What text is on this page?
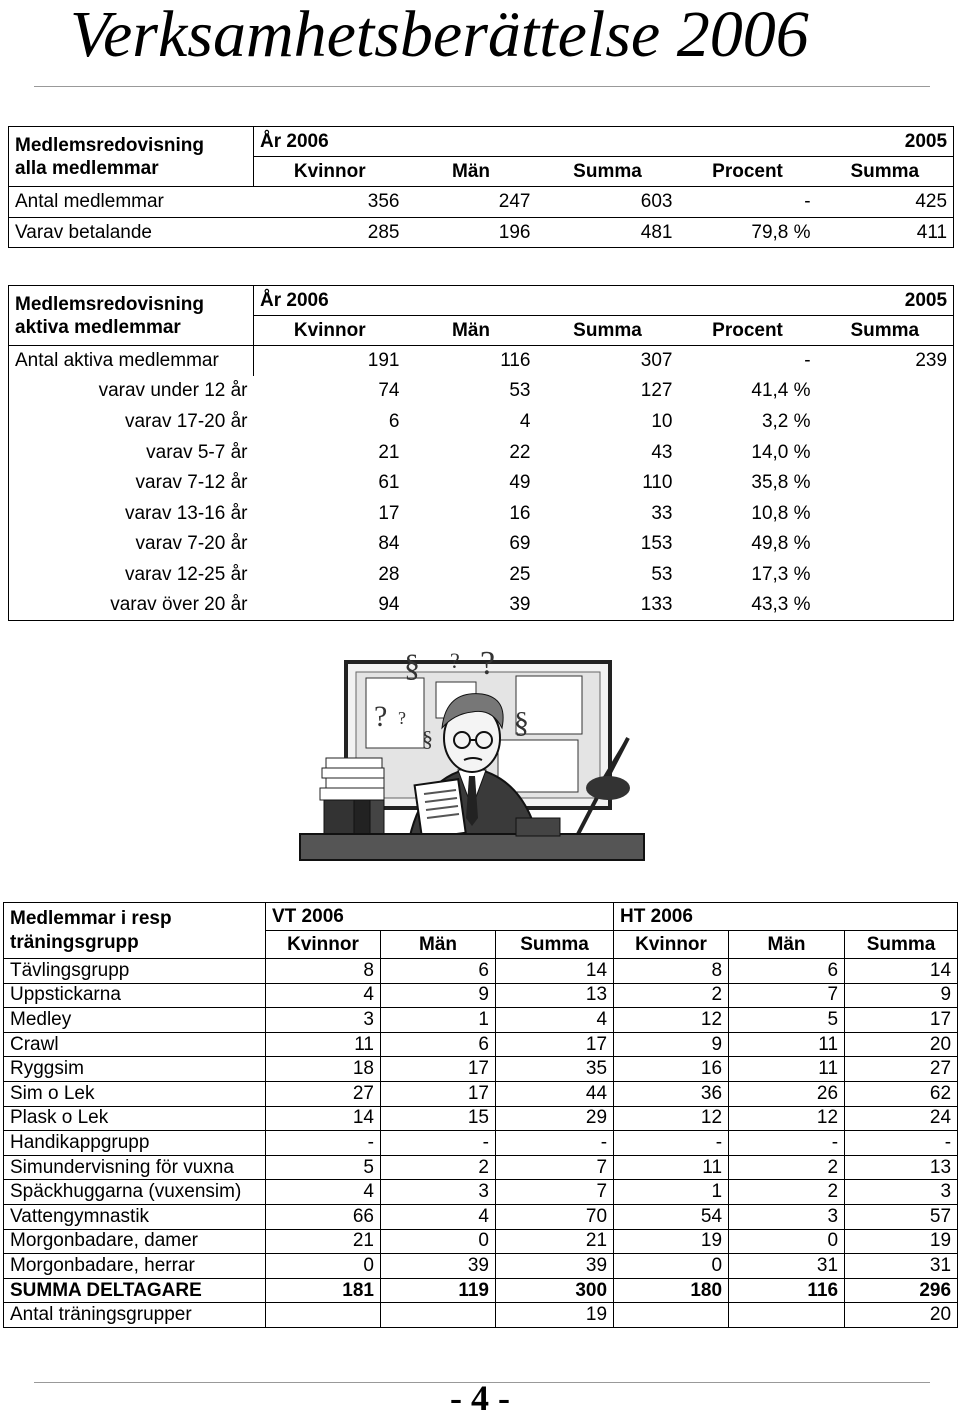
Verksamhetsberättelse 2006
Medlemsredovisning
alla medlemmar	År 2006				2005
	Kvinnor	Män	Summa	Procent	Summa
Antal medlemmar	356	247	603	-	425
Varav betalande	285	196	481	79,8 %	411
Medlemsredovisning
aktiva medlemmar	År 2006				2005
	Kvinnor	Män	Summa	Procent	Summa
Antal aktiva medlemmar	191	116	307	-	239
varav under 12 år	74	53	127	41,4 %	
varav 17-20 år	6	4	10	3,2 %	
varav 5-7 år	21	22	43	14,0 %	
varav 7-12 år	61	49	110	35,8 %	
varav 13-16 år	17	16	33	10,8 %	
varav 7-20 år	84	69	153	49,8 %	
varav 12-25 år	28	25	53	17,3 %	
varav över 20 år	94	39	133	43,3 %	
§ ? ?
? ?	§
§
Medlemmar i resp
träningsgrupp	VT 2006			HT 2006		
	Kvinnor	Män	Summa	Kvinnor	Män	Summa
Tävlingsgrupp	8	6	14	8	6	14
Uppstickarna	4	9	13	2	7	9
Medley	3	1	4	12	5	17
Crawl	11	6	17	9	11	20
Ryggsim	18	17	35	16	11	27
Sim o Lek	27	17	44	36	26	62
Plask o Lek	14	15	29	12	12	24
Handikappgrupp	-	-	-	-	-	-
Simundervisning för vuxna	5	2	7	11	2	13
Späckhuggarna (vuxensim)	4	3	7	1	2	3
Vattengymnastik	66	4	70	54	3	57
Morgonbadare, damer	21	0	21	19	0	19
Morgonbadare, herrar	0	39	39	0	31	31
SUMMA DELTAGARE	181	119	300	180	116	296
Antal träningsgrupper			19			20
- 4 -
